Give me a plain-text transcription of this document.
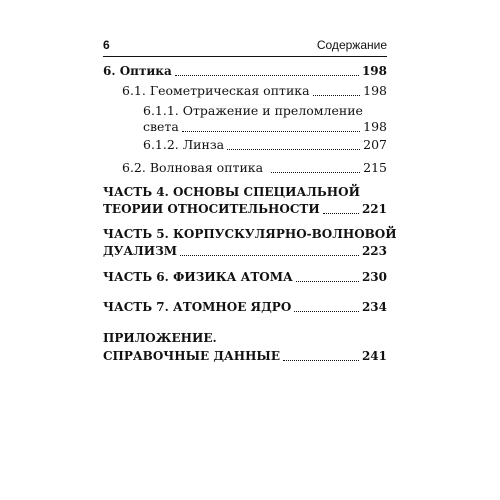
6	Содержание
6. Оптика	198
6.1. Геометрическая оптика	198
6.1.1. Отражение и преломление
света	198
6.1.2. Линза	207
6.2. Волновая оптика	215
ЧАСТЬ 4. ОСНОВЫ СПЕЦИАЛЬНОЙ
ТЕОРИИ ОТНОСИТЕЛЬНОСТИ	221
ЧАСТЬ 5. КОРПУСКУЛЯРНО-ВОЛНОВОЙ
ДУАЛИЗМ	223
ЧАСТЬ 6. ФИЗИКА АТОМА	230
ЧАСТЬ 7. АТОМНОЕ ЯДРО	234
ПРИЛОЖЕНИЕ.
СПРАВОЧНЫЕ ДАННЫЕ	241
